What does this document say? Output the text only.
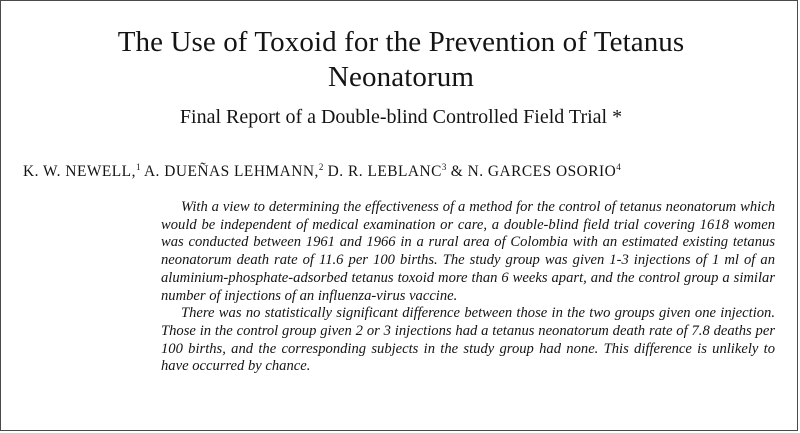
The Use of Toxoid for the Prevention of Tetanus
Neonatorum
Final Report of a Double-blind Controlled Field Trial *
K. W. NEWELL,$^1$ A. DUEÑAS LEHMANN,$^2$ D. R. LEBLANC$^3$ & N. GARCES OSORIO$^4$

With a view to determining the effectiveness of a method for the control of tetanus neonatorum which would be independent of medical examination or care, a double-blind field trial covering 1618 women was conducted between 1961 and 1966 in a rural area of Colombia with an estimated existing tetanus neonatorum death rate of 11.6 per 100 births. The study group was given 1-3 injections of 1 ml of an aluminium-phosphate-adsorbed tetanus toxoid more than 6 weeks apart, and the control group a similar number of injections of an influenza-virus vaccine.

There was no statistically significant difference between those in the two groups given one injection. Those in the control group given 2 or 3 injections had a tetanus neonatorum death rate of 7.8 deaths per 100 births, and the corresponding subjects in the study group had none. This difference is unlikely to have occurred by chance.
